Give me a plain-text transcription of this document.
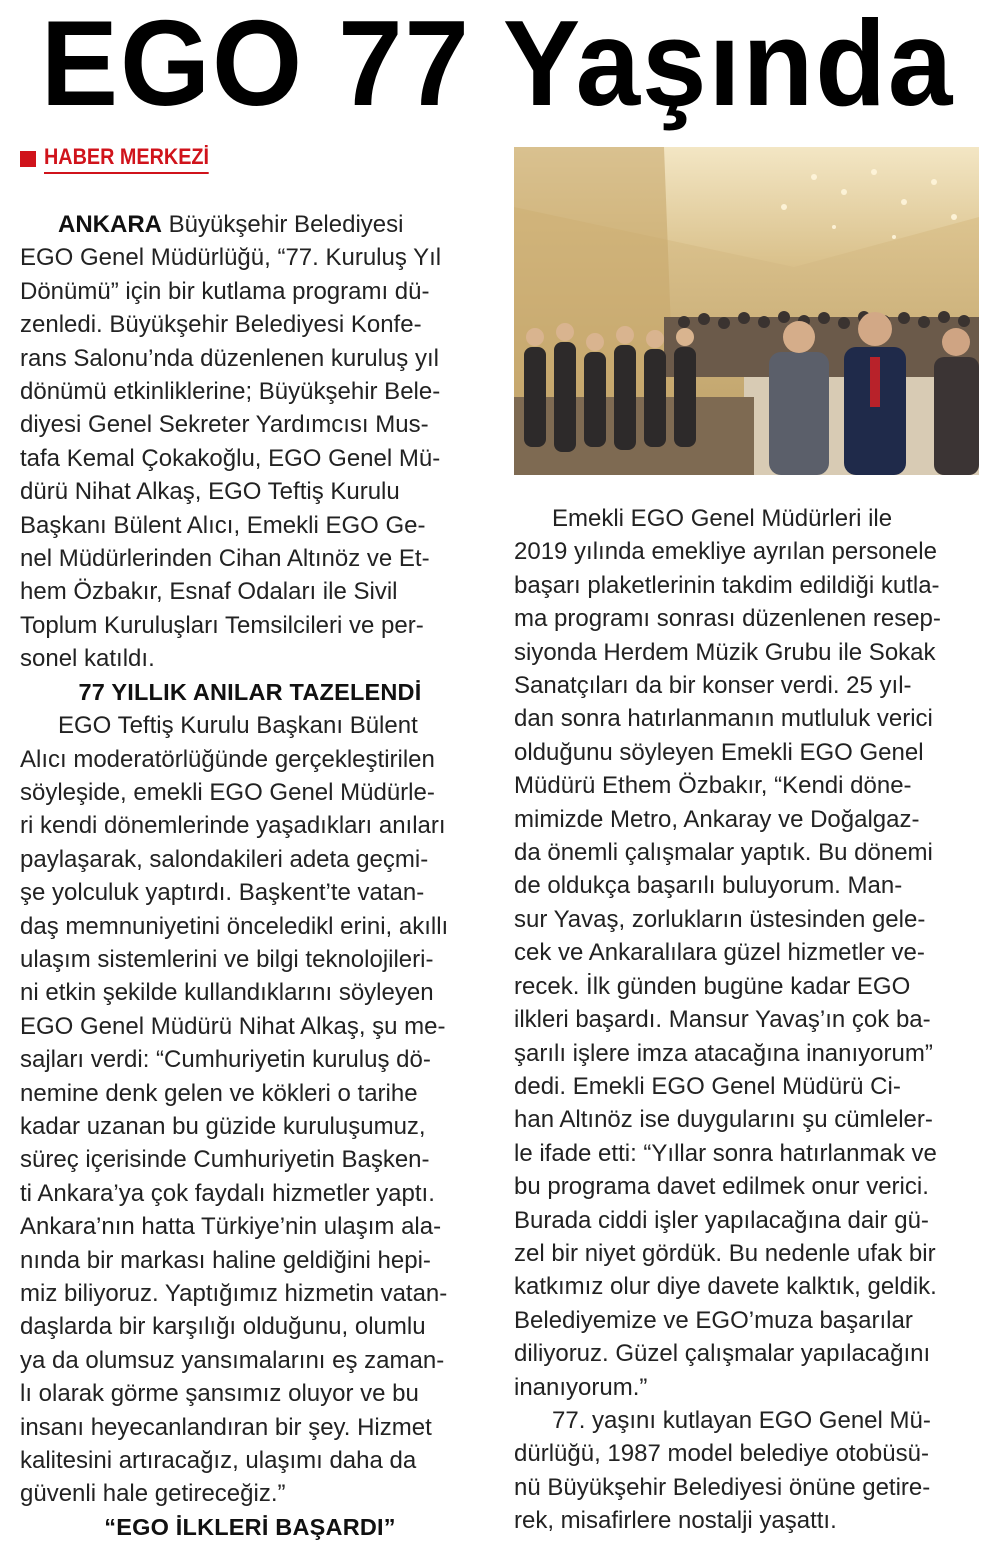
EGO 77 Yaşında
HABER MERKEZİ

ANKARA Büyükşehir Belediyesi

EGO Genel Müdürlüğü, “77. Kuruluş Yıl

Dönümü” için bir kutlama programı dü-

zenledi. Büyükşehir Belediyesi Konfe-

rans Salonu’nda düzenlenen kuruluş yıl

dönümü etkinliklerine; Büyükşehir Bele-

diyesi Genel Sekreter Yardımcısı Mus-

tafa Kemal Çokakoğlu, EGO Genel Mü-

dürü Nihat Alkaş, EGO Teftiş Kurulu

Başkanı Bülent Alıcı, Emekli EGO Ge-

nel Müdürlerinden Cihan Altınöz ve Et-

hem Özbakır, Esnaf Odaları ile Sivil

Toplum Kuruluşları Temsilcileri ve per-

sonel katıldı.

77 YILLIK ANILAR TAZELENDİ

EGO Teftiş Kurulu Başkanı Bülent

Alıcı moderatörlüğünde gerçekleştirilen

söyleşide, emekli EGO Genel Müdürle-

ri kendi dönemlerinde yaşadıkları anıları

paylaşarak, salondakileri adeta geçmi-

şe yolculuk yaptırdı. Başkent’te vatan-

daş memnuniyetini önceledikl erini, akıllı

ulaşım sistemlerini ve bilgi teknolojileri-

ni etkin şekilde kullandıklarını söyleyen

EGO Genel Müdürü Nihat Alkaş, şu me-

sajları verdi: “Cumhuriyetin kuruluş dö-

nemine denk gelen ve kökleri o tarihe

kadar uzanan bu güzide kuruluşumuz,

süreç içerisinde Cumhuriyetin Başken-

ti Ankara’ya çok faydalı hizmetler yaptı.

Ankara’nın hatta Türkiye’nin ulaşım ala-

nında bir markası haline geldiğini hepi-

miz biliyoruz. Yaptığımız hizmetin vatan-

daşlarda bir karşılığı olduğunu, olumlu

ya da olumsuz yansımalarını eş zaman-

lı olarak görme şansımız oluyor ve bu

insanı heyecanlandıran bir şey. Hizmet

kalitesini artıracağız, ulaşımı daha da

güvenli hale getireceğiz.”

“EGO İLKLERİ BAŞARDI”

Emekli EGO Genel Müdürleri ile

2019 yılında emekliye ayrılan personele

başarı plaketlerinin takdim edildiği kutla-

ma programı sonrası düzenlenen resep-

siyonda Herdem Müzik Grubu ile Sokak

Sanatçıları da bir konser verdi. 25 yıl-

dan sonra hatırlanmanın mutluluk verici

olduğunu söyleyen Emekli EGO Genel

Müdürü Ethem Özbakır, “Kendi döne-

mimizde Metro, Ankaray ve Doğalgaz-

da önemli çalışmalar yaptık. Bu dönemi

de oldukça başarılı buluyorum. Man-

sur Yavaş, zorlukların üstesinden gele-

cek ve Ankaralılara güzel hizmetler ve-

recek. İlk günden bugüne kadar EGO

ilkleri başardı. Mansur Yavaş’ın çok ba-

şarılı işlere imza atacağına inanıyorum”

dedi. Emekli EGO Genel Müdürü Ci-

han Altınöz ise duygularını şu cümleler-

le ifade etti: “Yıllar sonra hatırlanmak ve

bu programa davet edilmek onur verici.

Burada ciddi işler yapılacağına dair gü-

zel bir niyet gördük. Bu nedenle ufak bir

katkımız olur diye davete kalktık, geldik.

Belediyemize ve EGO’muza başarılar

diliyoruz. Güzel çalışmalar yapılacağını

inanıyorum.”

77. yaşını kutlayan EGO Genel Mü-

dürlüğü, 1987 model belediye otobüsü-

nü Büyükşehir Belediyesi önüne getire-

rek, misafirlere nostalji yaşattı.
